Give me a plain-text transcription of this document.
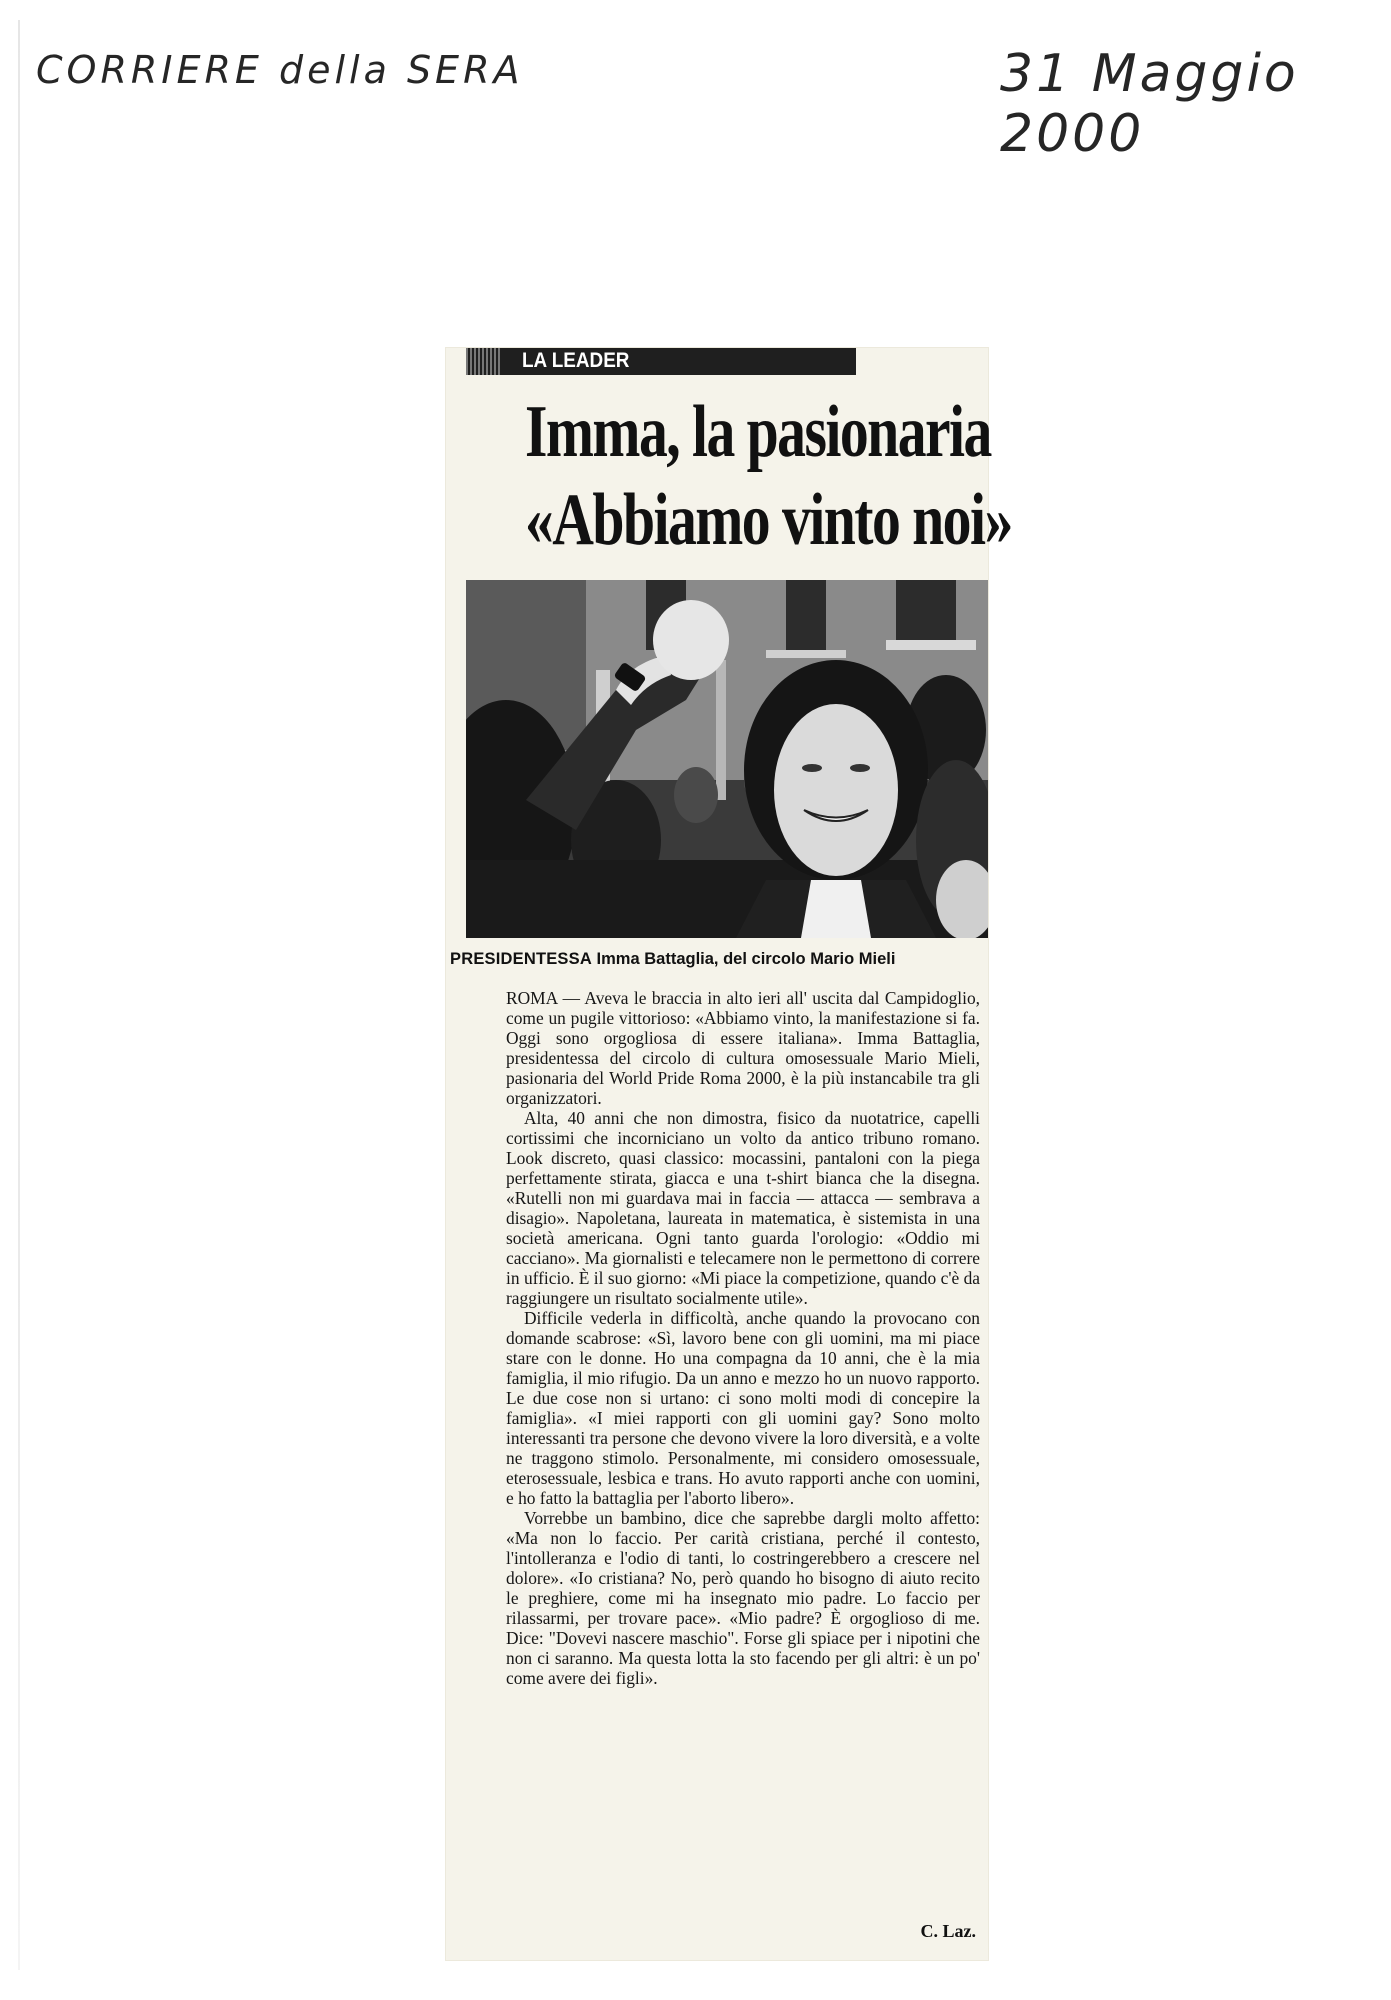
CORRIERE della SERA	31 Maggio 2000
LA LEADER
Imma, la pasionaria
«Abbiamo vinto noi»
PRESIDENTESSA Imma Battaglia, del circolo Mario Mieli

ROMA — Aveva le braccia in alto ieri all' uscita dal Campidoglio, come un pugile vittorioso: «Abbiamo vinto, la manifestazione si fa. Oggi sono orgogliosa di essere italiana». Imma Battaglia, presidentessa del circolo di cultura omosessuale Mario Mieli, pasionaria del World Pride Roma 2000, è la più instancabile tra gli organizzatori.

Alta, 40 anni che non dimostra, fisico da nuotatrice, capelli cortissimi che incorniciano un volto da antico tribuno romano. Look discreto, quasi classico: mocassini, pantaloni con la piega perfettamente stirata, giacca e una t-shirt bianca che la disegna. «Rutelli non mi guardava mai in faccia — attacca — sembrava a disagio». Napoletana, laureata in matematica, è sistemista in una società americana. Ogni tanto guarda l'orologio: «Oddio mi cacciano». Ma giornalisti e telecamere non le permettono di correre in ufficio. È il suo giorno: «Mi piace la competizione, quando c'è da raggiungere un risultato socialmente utile».

Difficile vederla in difficoltà, anche quando la provocano con domande scabrose: «Sì, lavoro bene con gli uomini, ma mi piace stare con le donne. Ho una compagna da 10 anni, che è la mia famiglia, il mio rifugio. Da un anno e mezzo ho un nuovo rapporto. Le due cose non si urtano: ci sono molti modi di concepire la famiglia». «I miei rapporti con gli uomini gay? Sono molto interessanti tra persone che devono vivere la loro diversità, e a volte ne traggono stimolo. Personalmente, mi considero omosessuale, eterosessuale, lesbica e trans. Ho avuto rapporti anche con uomini, e ho fatto la battaglia per l'aborto libero».

Vorrebbe un bambino, dice che saprebbe dargli molto affetto: «Ma non lo faccio. Per carità cristiana, perché il contesto, l'intolleranza e l'odio di tanti, lo costringerebbero a crescere nel dolore». «Io cristiana? No, però quando ho bisogno di aiuto recito le preghiere, come mi ha insegnato mio padre. Lo faccio per rilassarmi, per trovare pace». «Mio padre? È orgoglioso di me. Dice: "Dovevi nascere maschio". Forse gli spiace per i nipotini che non ci saranno. Ma questa lotta la sto facendo per gli altri: è un po' come avere dei figli».

C. Laz.
